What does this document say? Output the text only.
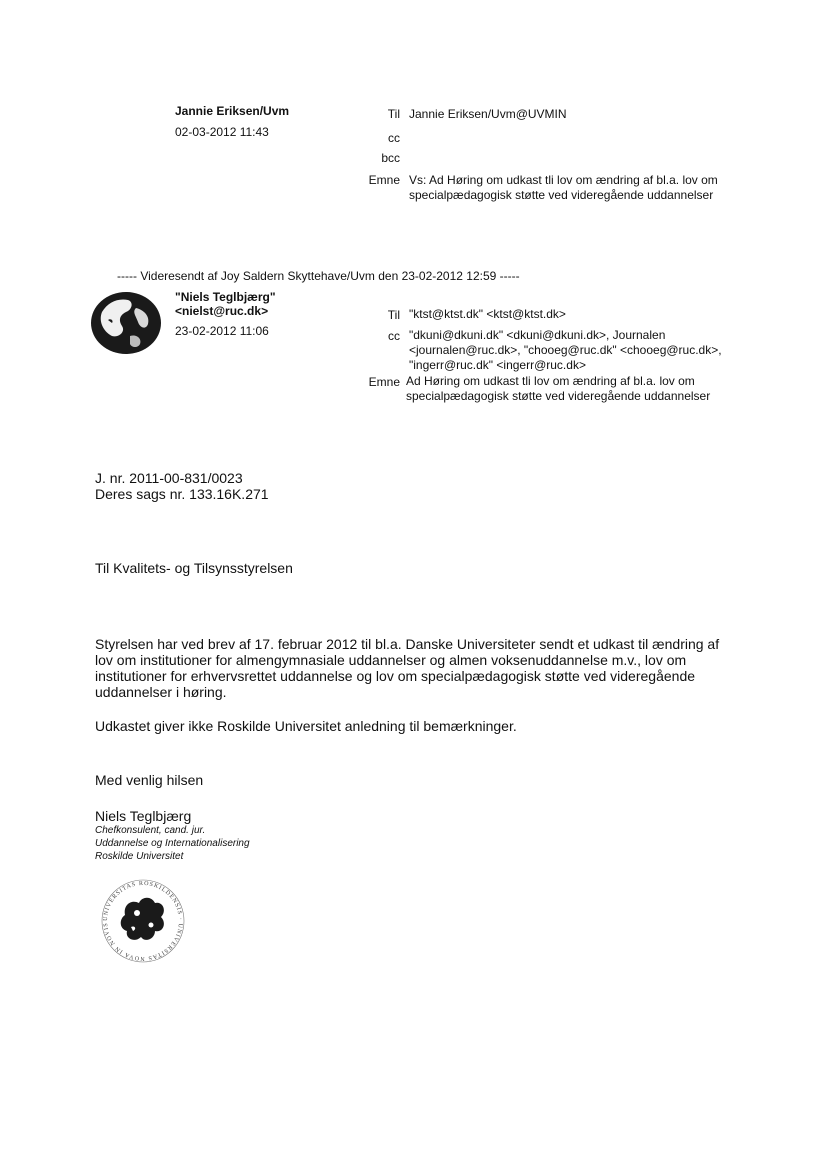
Jannie Eriksen/Uvm
02-03-2012 11:43
Til Jannie Eriksen/Uvm@UVMIN
cc
bcc
Emne Vs: Ad Høring om udkast tli lov om ændring af bl.a. lov om
specialpædagogisk støtte ved videregående uddannelser
----- Videresendt af Joy Saldern Skyttehave/Uvm den 23-02-2012 12:59 -----
"Niels Teglbjærg"
<nielst@ruc.dk>
23-02-2012 11:06
Til "ktst@ktst.dk" <ktst@ktst.dk>
cc "dkuni@dkuni.dk" <dkuni@dkuni.dk>, Journalen
<journalen@ruc.dk>, "chooeg@ruc.dk" <chooeg@ruc.dk>,
"ingerr@ruc.dk" <ingerr@ruc.dk>
Emne Ad Høring om udkast tli lov om ændring af bl.a. lov om
specialpædagogisk støtte ved videregående uddannelser
J. nr. 2011-00-831/0023
Deres sags nr. 133.16K.271
Til Kvalitets- og Tilsynsstyrelsen
Styrelsen har ved brev af 17. februar 2012 til bl.a. Danske Universiteter sendt et udkast til ændring af
lov om institutioner for almengymnasiale uddannelser og almen voksenuddannelse m.v., lov om
institutioner for erhvervsrettet uddannelse og lov om specialpædagogisk støtte ved videregående
uddannelser i høring.
Udkastet giver ikke Roskilde Universitet anledning til bemærkninger.
Med venlig hilsen
Niels Teglbjærg
Chefkonsulent, cand. jur.
Uddannelse og Internationalisering
Roskilde Universitet
UNIVERSITAS ROSKILDENSIS · UNIVERSITAS NOVA IN NOVIS
